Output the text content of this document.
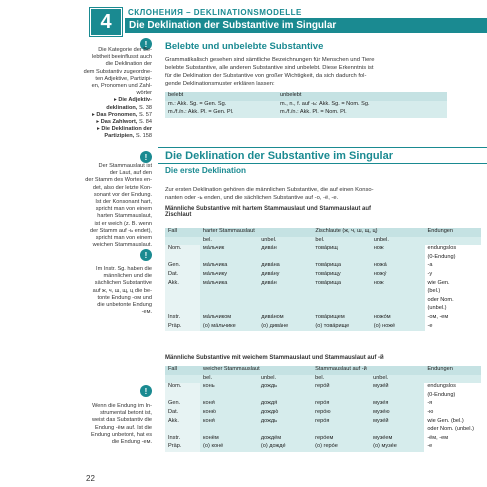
4	СКЛОНЕНИЯ – DEKLINATIONSMODELLE
Die Deklination der Substantive im Singular
!
Die Kategorie der Be-
lebtheit beeinflusst auch
die Deklination der
dem Substantiv zugeordne-
ten Adjektive, Partizipi-
en, Pronomen und Zahl-
wörter
▸ Die Adjektiv-
deklination, S. 38
▸ Das Pronomen, S. 57
▸ Das Zahlwort, S. 84
▸ Die Deklination der
Partizipien, S. 158

Belebte und unbelebte Substantive

Grammatikalisch gesehen sind sämtliche Bezeichnungen für Menschen und Tiere
belebte Substantive, alle anderen Substantive sind unbelebt. Diese Erkenntnis ist
für die Deklination der Substantive von großer Wichtigkeit, da sich dadurch fol-
gende Deklinationsmuster erklären lassen:
belebt	unbelebt
m.: Akk. Sg. = Gen. Sg.	m., n., f. auf -ь: Akk. Sg. = Nom. Sg.
m./f./n.: Akk. Pl. = Gen. Pl.	m./f./n.: Akk. Pl. = Nom. Pl.
!	Die Deklination der Substantive im Singular
Die erste Deklination
Der Stammauslaut ist
der Laut, auf den
der Stamm des Wortes en-
det, also der letzte Kon-
sonant vor der Endung.
Ist der Konsonant hart,
spricht man von einem
harten Stammauslaut,
ist er weich (z. B. wenn
der Stamm auf -ь endet),
spricht man von einem
weichen Stammauslaut.
Zur ersten Deklination gehören die männlichen Substantive, die auf einen Konso-
nanten oder -ь enden, und die sächlichen Substantive auf -о, -ё, -е.
Männliche Substantive mit hartem Stammauslaut und Stammauslaut auf
Zischlaut
Fall	harter Stammauslaut		Zischlaute (ж, ч, ш, щ, ц)		Endungen
	bel.	unbel.	bel.	unbel.	
Nom.	ма́льчик	дива́н	това́рищ	нож	endungslos
					(0-Endung)
Gen.	ма́льчика	дива́на	това́рища	ножа́	-а
Dat.	ма́льчику	дива́ну	това́рищу	ножу́	-у
Akk.	ма́льчика	дива́н	това́рища	нож	wie Gen.
					(bel.)
					oder Nom.
					(unbel.)
Instr.	ма́льчиком	дива́ном	това́рищем	ножо́м	-ом, -ем
Präp.	(о) ма́льчике	(о) дива́не	(о) това́рище	(о) ноже́	-е
!
Im Instr. Sg. haben die
männlichen und die
sächlichen Substantive
auf ж, ч, ш, щ, ц die be-
tonte Endung -ом und
die unbetonte Endung
-ем.

Männliche Substantive mit weichem Stammauslaut und Stammauslaut auf -й

Fall	weicher Stammauslaut		Stammauslaut auf -й		Endungen
	bel.	unbel.	bel.	unbel.	
Nom.	конь	дождь	геро́й	музе́й	endungslos
					(0-Endung)
Gen.	коня́	дождя́	геро́я	музе́я	-я
Dat.	коню́	дождю́	геро́ю	музе́ю	-ю
Akk.	коня́	дождь	геро́я	музе́й	wie Gen. (bel.)
					oder Nom. (unbel.)
Instr.	конём	дождём	геро́ем	музе́ем	-ём, -ем
Präp.	(о) коне́	(о) дожде́	(о) геро́е	(о) музе́е	-е
!
Wenn die Endung im In-
strumental betont ist,
weist das Substantiv die
Endung -ём auf. Ist die
Endung unbetont, hat es
die Endung -ем.
22
